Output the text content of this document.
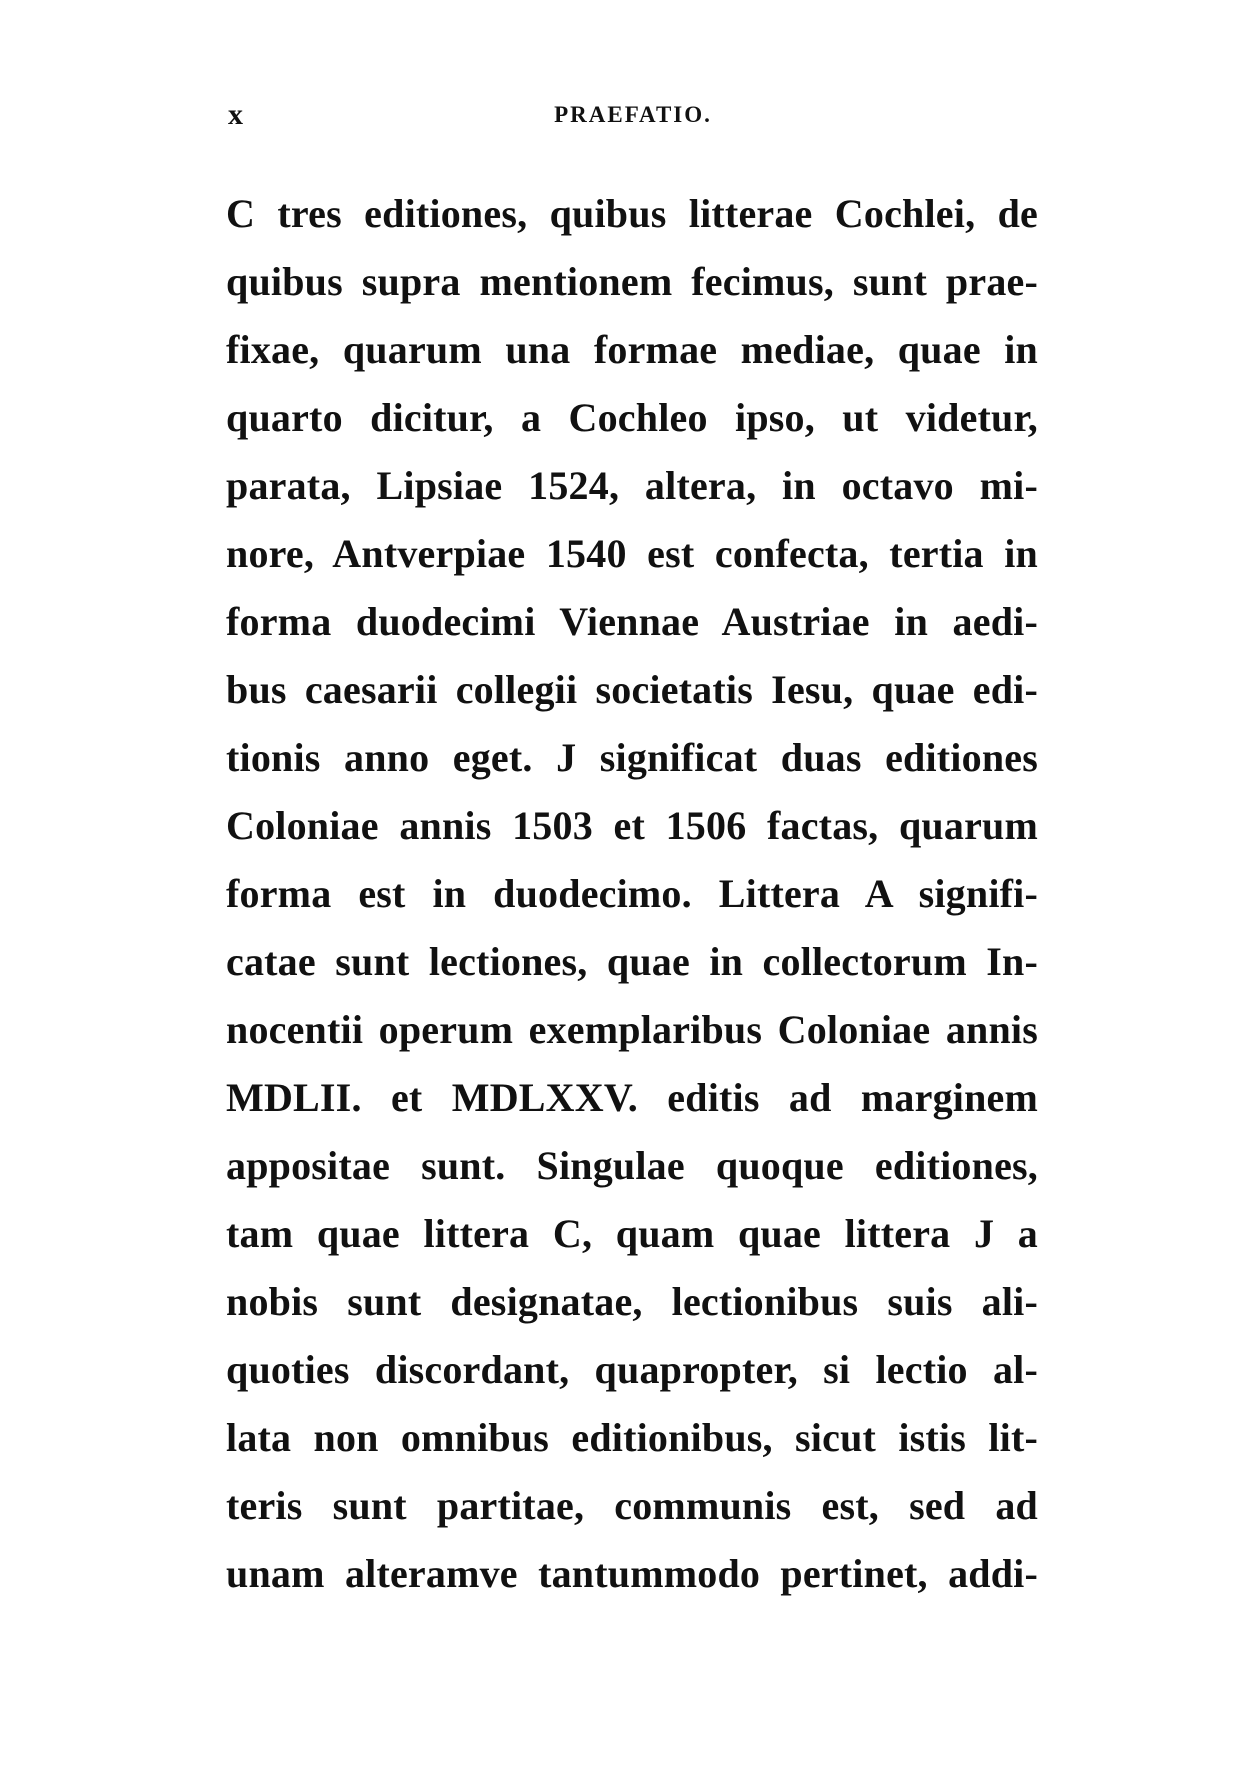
x	PRAEFATIO.
C tres editiones, quibus litterae Cochlei, de
quibus supra mentionem fecimus, sunt prae-
fixae, quarum una formae mediae, quae in
quarto dicitur, a Cochleo ipso, ut videtur,
parata, Lipsiae 1524, altera, in octavo mi-
nore, Antverpiae 1540 est confecta, tertia in
forma duodecimi Viennae Austriae in aedi-
bus caesarii collegii societatis Iesu, quae edi-
tionis anno eget. J significat duas editiones
Coloniae annis 1503 et 1506 factas, quarum
forma est in duodecimo. Littera A signifi-
catae sunt lectiones, quae in collectorum In-
nocentii operum exemplaribus Coloniae annis
MDLII. et MDLXXV. editis ad marginem
appositae sunt. Singulae quoque editiones,
tam quae littera C, quam quae littera J a
nobis sunt designatae, lectionibus suis ali-
quoties discordant, quapropter, si lectio al-
lata non omnibus editionibus, sicut istis lit-
teris sunt partitae, communis est, sed ad
unam alteramve tantummodo pertinet, addi-
